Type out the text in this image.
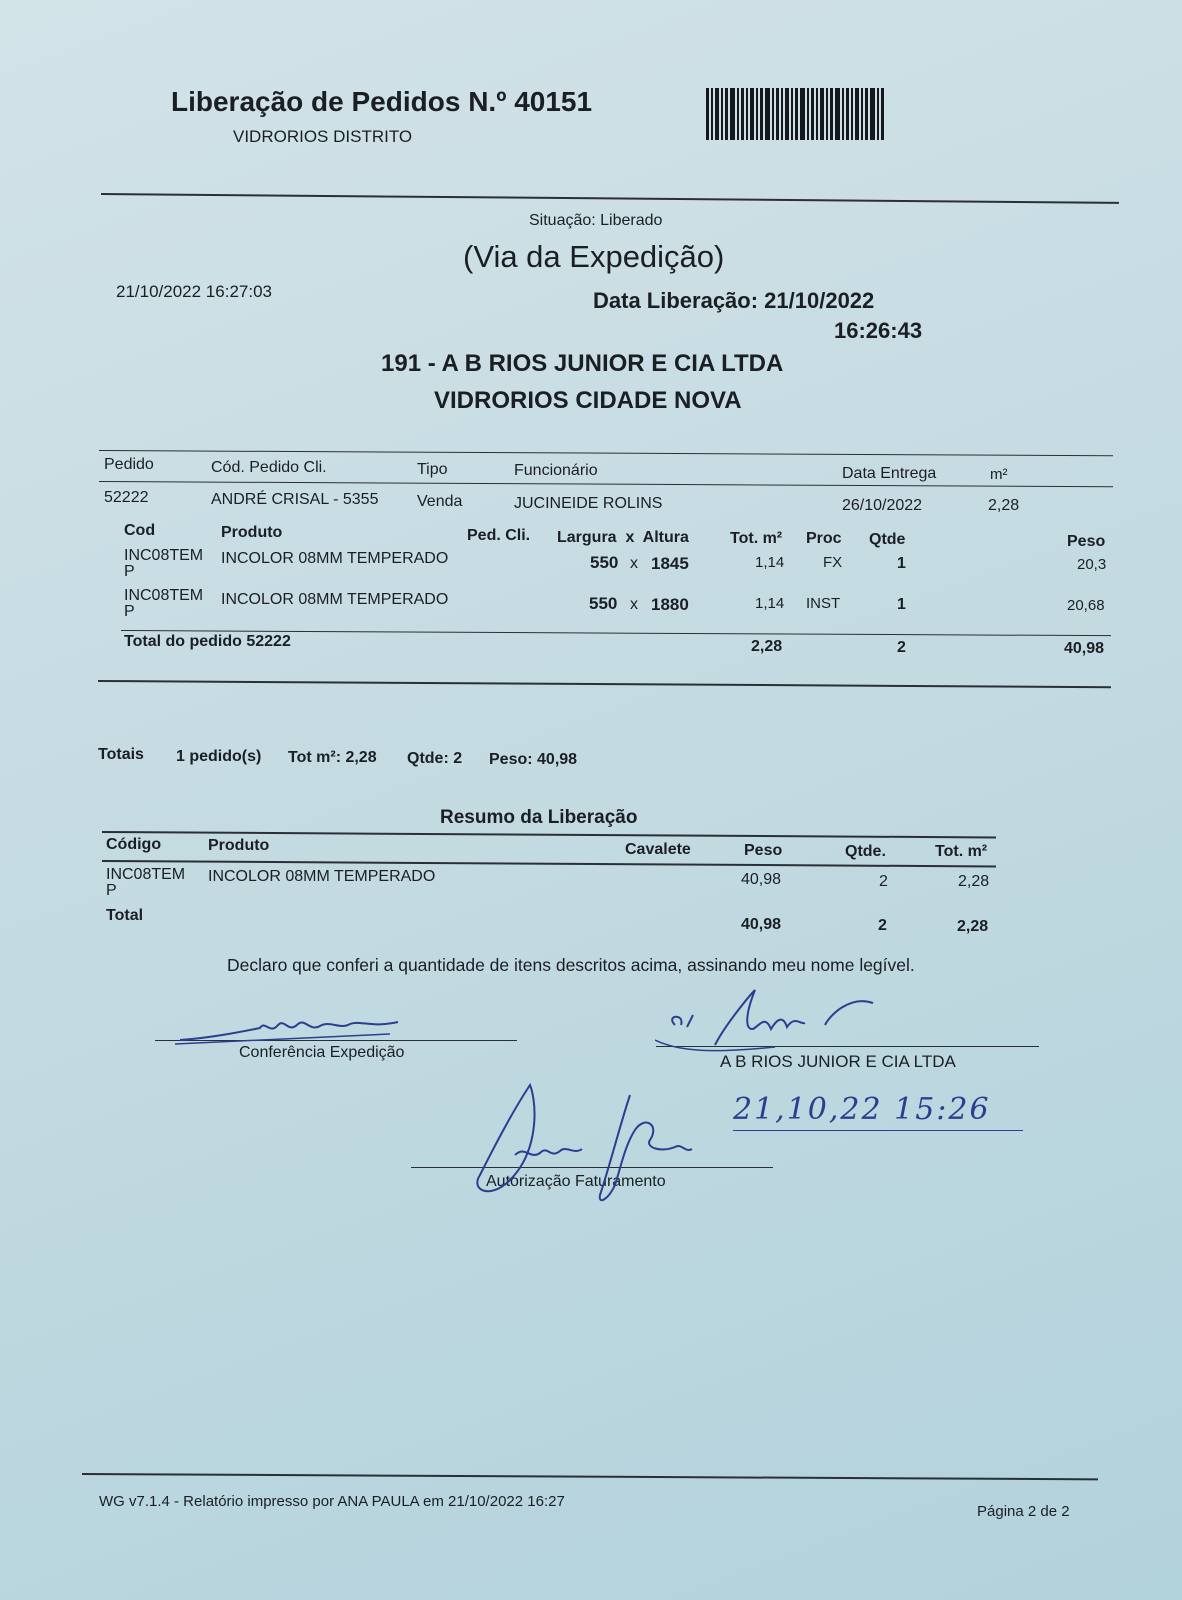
Liberação de Pedidos N.º 40151
VIDRORIOS DISTRITO
Situação: Liberado
(Via da Expedição)
21/10/2022 16:27:03	Data Liberação: 21/10/2022
16:26:43
191 - A B RIOS JUNIOR E CIA LTDA
VIDRORIOS CIDADE NOVA
Pedido	Cód. Pedido Cli.	Tipo	Funcionário	Data Entrega	m²
52222	ANDRÉ CRISAL - 5355 Venda	JUCINEIDE ROLINS	26/10/2022	2,28
Cod	Produto	Ped. Cli. Largura  x  Altura	Tot. m² Proc Qtde	Peso
INC08TEM
P
INCOLOR 08MM TEMPERADO	550 x 1845	1,14	FX	1	20,3
INC08TEM
P
INCOLOR 08MM TEMPERADO	550 x 1880	1,14 INST	1	20,68
Total do pedido 52222	2,28	2	40,98
Totais 1 pedido(s) Tot m²: 2,28 Qtde: 2 Peso: 40,98
Resumo da Liberação
Código	Produto	Cavalete	Peso	Qtde.	Tot. m²
INC08TEM
P
INCOLOR 08MM TEMPERADO	40,98	2	2,28
Total
40,98	2	2,28
Declaro que conferi a quantidade de itens descritos acima, assinando meu nome legível.
Conferência Expedição	A B RIOS JUNIOR E CIA LTDA
Autorização Faturamento
21,10,22 15:26
WG v7.1.4 - Relatório impresso por ANA PAULA em 21/10/2022 16:27
Página 2 de 2
